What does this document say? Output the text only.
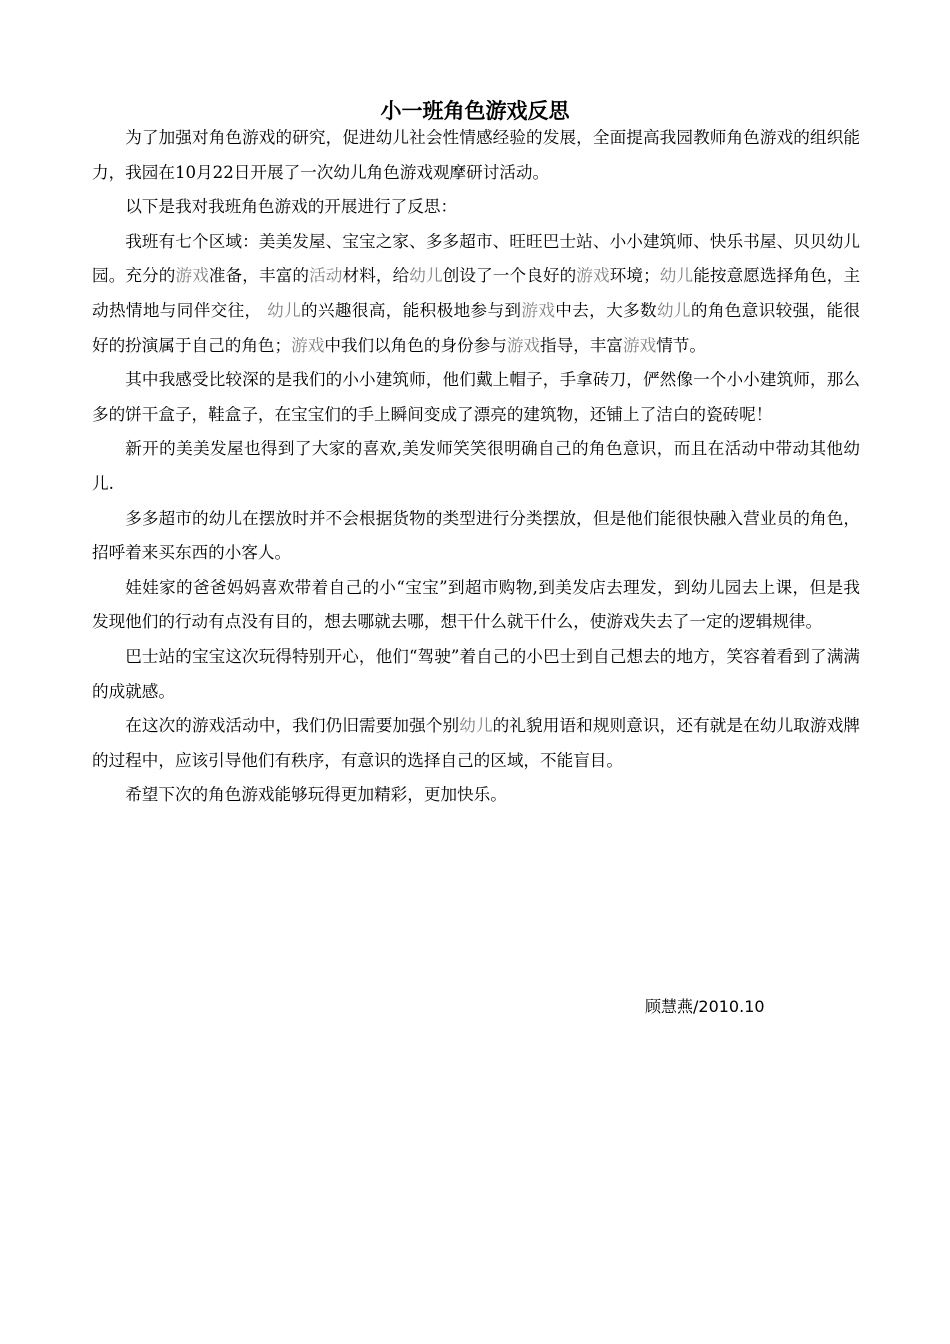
小一班角色游戏反思

为了加强对角色游戏的研究，促进幼儿社会性情感经验的发展，全面提高我园教师角色游戏的组织能力，我园在10月22日开展了一次幼儿角色游戏观摩研讨活动。

以下是我对我班角色游戏的开展进行了反思：

我班有七个区域：美美发屋、宝宝之家、多多超市、旺旺巴士站、小小建筑师、快乐书屋、贝贝幼儿园。充分的游戏准备，丰富的活动材料，给幼儿创设了一个良好的游戏环境；幼儿能按意愿选择角色，主动热情地与同伴交往， 幼儿的兴趣很高，能积极地参与到游戏中去，大多数幼儿的角色意识较强，能很好的扮演属于自己的角色；游戏中我们以角色的身份参与游戏指导，丰富游戏情节。

其中我感受比较深的是我们的小小建筑师，他们戴上帽子，手拿砖刀，俨然像一个小小建筑师，那么多的饼干盒子，鞋盒子，在宝宝们的手上瞬间变成了漂亮的建筑物，还铺上了洁白的瓷砖呢！

新开的美美发屋也得到了大家的喜欢,美发师笑笑很明确自己的角色意识，而且在活动中带动其他幼儿.

多多超市的幼儿在摆放时并不会根据货物的类型进行分类摆放，但是他们能很快融入营业员的角色，招呼着来买东西的小客人。

娃娃家的爸爸妈妈喜欢带着自己的小“宝宝”到超市购物,到美发店去理发，到幼儿园去上课，但是我发现他们的行动有点没有目的，想去哪就去哪，想干什么就干什么，使游戏失去了一定的逻辑规律。

巴士站的宝宝这次玩得特别开心，他们“驾驶”着自己的小巴士到自己想去的地方，笑容着看到了满满的成就感。

在这次的游戏活动中，我们仍旧需要加强个别幼儿的礼貌用语和规则意识，还有就是在幼儿取游戏牌的过程中，应该引导他们有秩序，有意识的选择自己的区域，不能盲目。

希望下次的角色游戏能够玩得更加精彩，更加快乐。

顾慧燕/2010.10
